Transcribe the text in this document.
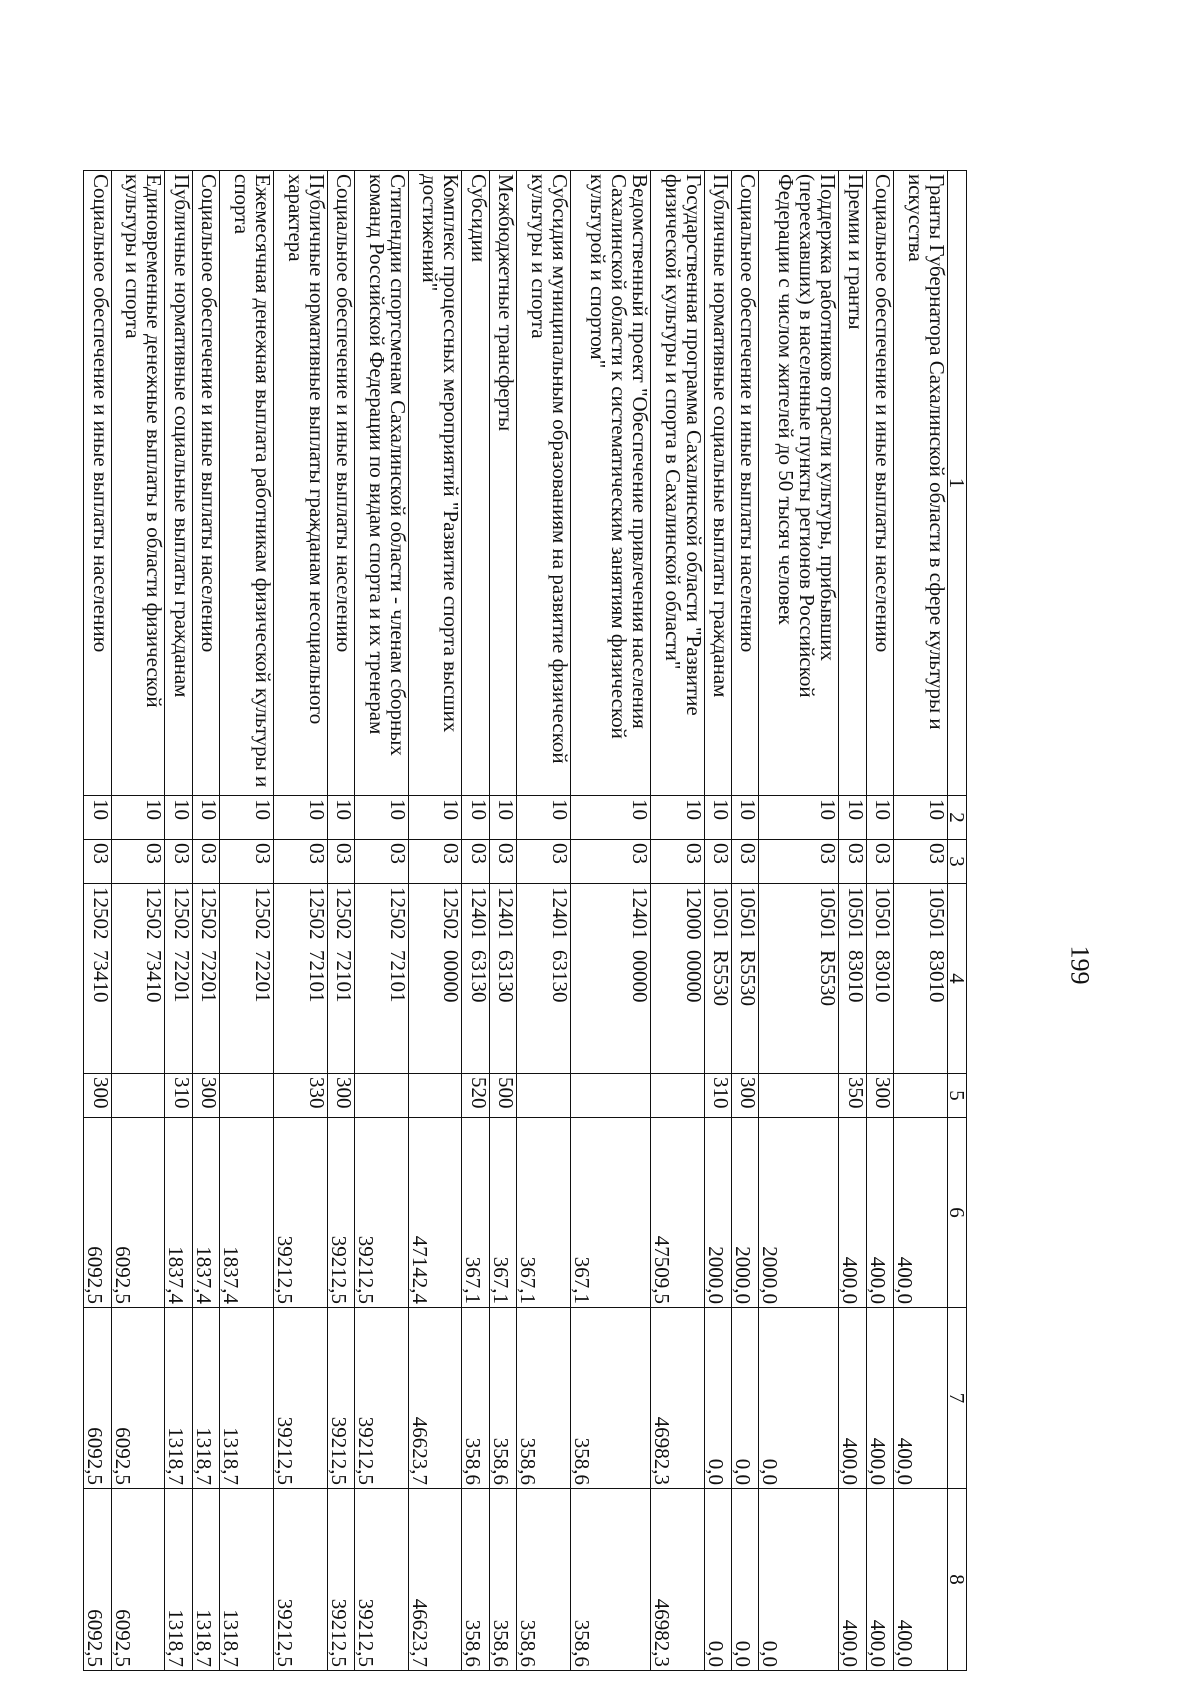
199
1	2	3	4	5	6	7	8
Гранты Губернатора Сахалинской области в сфере культуры и искусства	10	03	10501  83010		400,0	400,0	400,0
Социальное обеспечение и иные выплаты населению	10	03	10501  83010	300	400,0	400,0	400,0
Премии и гранты	10	03	10501  83010	350	400,0	400,0	400,0
Поддержка работников отрасли культуры, прибывших (переехавших) в населенные пункты регионов Российской Федерации с числом жителей до 50 тысяч человек	10	03	10501  R5530		2000,0	0,0	0,0
Социальное обеспечение и иные выплаты населению	10	03	10501  R5530	300	2000,0	0,0	0,0
Публичные нормативные социальные выплаты гражданам	10	03	10501  R5530	310	2000,0	0,0	0,0
Государственная программа Сахалинской области "Развитие физической культуры и спорта в Сахалинской области"	10	03	12000  00000		47509,5	46982,3	46982,3
Ведомственный проект "Обеспечение привлечения населения Сахалинской области к систематическим занятиям физической культурой и спортом"	10	03	12401  00000		367,1	358,6	358,6
Субсидия муниципальным образованиям на развитие физической культуры и спорта	10	03	12401  63130		367,1	358,6	358,6
Межбюджетные трансферты	10	03	12401  63130	500	367,1	358,6	358,6
Субсидии	10	03	12401  63130	520	367,1	358,6	358,6
Комплекс процессных мероприятий "Развитие спорта высших достижений"	10	03	12502  00000		47142,4	46623,7	46623,7
Стипендии спортсменам Сахалинской области - членам сборных команд Российской Федерации по видам спорта и их тренерам	10	03	12502  72101		39212,5	39212,5	39212,5
Социальное обеспечение и иные выплаты населению	10	03	12502  72101	300	39212,5	39212,5	39212,5
Публичные нормативные выплаты гражданам несоциального характера	10	03	12502  72101	330	39212,5	39212,5	39212,5
Ежемесячная денежная выплата работникам физической культуры и спорта	10	03	12502  72201		1837,4	1318,7	1318,7
Социальное обеспечение и иные выплаты населению	10	03	12502  72201	300	1837,4	1318,7	1318,7
Публичные нормативные социальные выплаты гражданам	10	03	12502  72201	310	1837,4	1318,7	1318,7
Единовременные денежные выплаты в области физической культуры и спорта	10	03	12502  73410		6092,5	6092,5	6092,5
Социальное обеспечение и иные выплаты населению	10	03	12502  73410	300	6092,5	6092,5	6092,5
